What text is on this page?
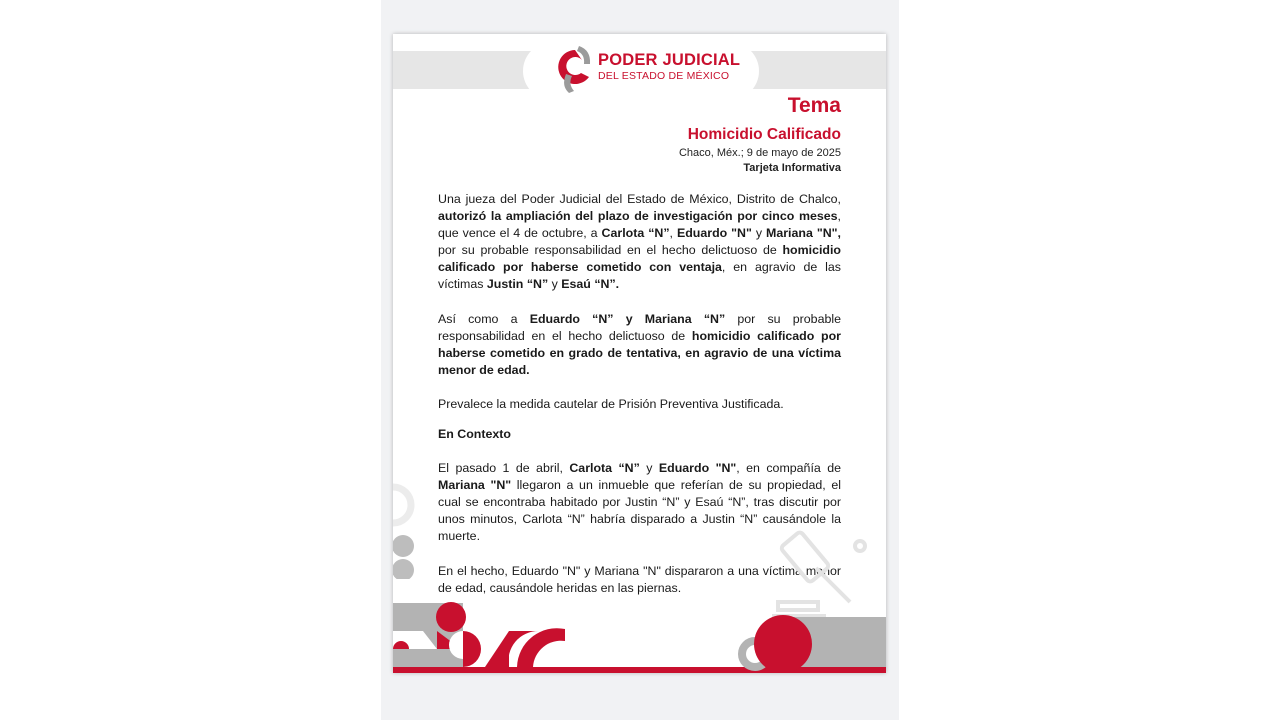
PODER JUDICIAL
DEL ESTADO DE MÉXICO
Tema
Homicidio Calificado
Chaco, Méx.; 9 de mayo de 2025
Tarjeta Informativa
Una jueza del Poder Judicial del Estado de México, Distrito de Chalco, autorizó la ampliación del plazo de investigación por cinco meses, que vence el 4 de octubre, a Carlota “N”, Eduardo "N" y Mariana "N", por su probable responsabilidad en el hecho delictuoso de homicidio calificado por haberse cometido con ventaja, en agravio de las víctimas Justin “N” y Esaú “N”.
Así como a Eduardo “N” y Mariana “N” por su probable responsabilidad en el hecho delictuoso de homicidio calificado por haberse cometido en grado de tentativa, en agravio de una víctima menor de edad.
Prevalece la medida cautelar de Prisión Preventiva Justificada.
En Contexto
El pasado 1 de abril, Carlota “N” y Eduardo "N", en compañía de Mariana "N" llegaron a un inmueble que referían de su propiedad, el cual se encontraba habitado por Justin “N” y Esaú “N”, tras discutir por unos minutos, Carlota “N” habría disparado a Justin “N” causándole la muerte.
En el hecho, Eduardo "N" y Mariana "N" dispararon a una víctima menor de edad, causándole heridas en las piernas.
